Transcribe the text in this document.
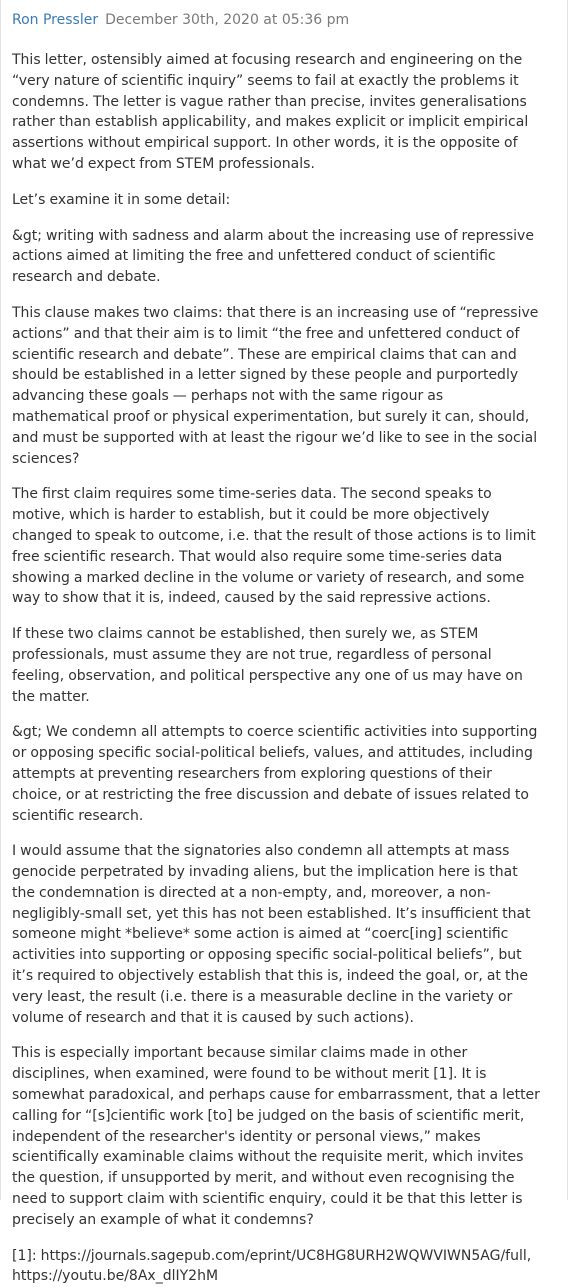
Ron Pressler December 30th, 2020 at 05:36 pm

This letter, ostensibly aimed at focusing research and engineering on the “very nature of scientific inquiry” seems to fail at exactly the problems it condemns. The letter is vague rather than precise, invites generalisations rather than establish applicability, and makes explicit or implicit empirical assertions without empirical support. In other words, it is the opposite of what we’d expect from STEM professionals.

Let’s examine it in some detail:

&gt; writing with sadness and alarm about the increasing use of repressive actions aimed at limiting the free and unfettered conduct of scientific research and debate.

This clause makes two claims: that there is an increasing use of “repressive actions” and that their aim is to limit “the free and unfettered conduct of scientific research and debate”. These are empirical claims that can and should be established in a letter signed by these people and purportedly advancing these goals — perhaps not with the same rigour as mathematical proof or physical experimentation, but surely it can, should, and must be supported with at least the rigour we’d like to see in the social sciences?

The first claim requires some time-series data. The second speaks to motive, which is harder to establish, but it could be more objectively changed to speak to outcome, i.e. that the result of those actions is to limit free scientific research. That would also require some time-series data showing a marked decline in the volume or variety of research, and some way to show that it is, indeed, caused by the said repressive actions.

If these two claims cannot be established, then surely we, as STEM professionals, must assume they are not true, regardless of personal feeling, observation, and political perspective any one of us may have on the matter.

&gt; We condemn all attempts to coerce scientific activities into supporting or opposing specific social-political beliefs, values, and attitudes, including attempts at preventing researchers from exploring questions of their choice, or at restricting the free discussion and debate of issues related to scientific research.

I would assume that the signatories also condemn all attempts at mass genocide perpetrated by invading aliens, but the implication here is that the condemnation is directed at a non-empty, and, moreover, a non-negligibly-small set, yet this has not been established. It’s insufficient that someone might *believe* some action is aimed at “coerc[ing] scientific activities into supporting or opposing specific social-political beliefs”, but it’s required to objectively establish that this is, indeed the goal, or, at the very least, the result (i.e. there is a measurable decline in the variety or volume of research and that it is caused by such actions).

This is especially important because similar claims made in other disciplines, when examined, were found to be without merit [1]. It is somewhat paradoxical, and perhaps cause for embarrassment, that a letter calling for “[s]cientific work [to] be judged on the basis of scientific merit, independent of the researcher's identity or personal views,” makes scientifically examinable claims without the requisite merit, which invites the question, if unsupported by merit, and without even recognising the need to support claim with scientific enquiry, could it be that this letter is precisely an example of what it condemns?

[1]: https://journals.sagepub.com/eprint/UC8HG8URH2WQWVIWN5AG/full, https://youtu.be/8Ax_dlIY2hM
